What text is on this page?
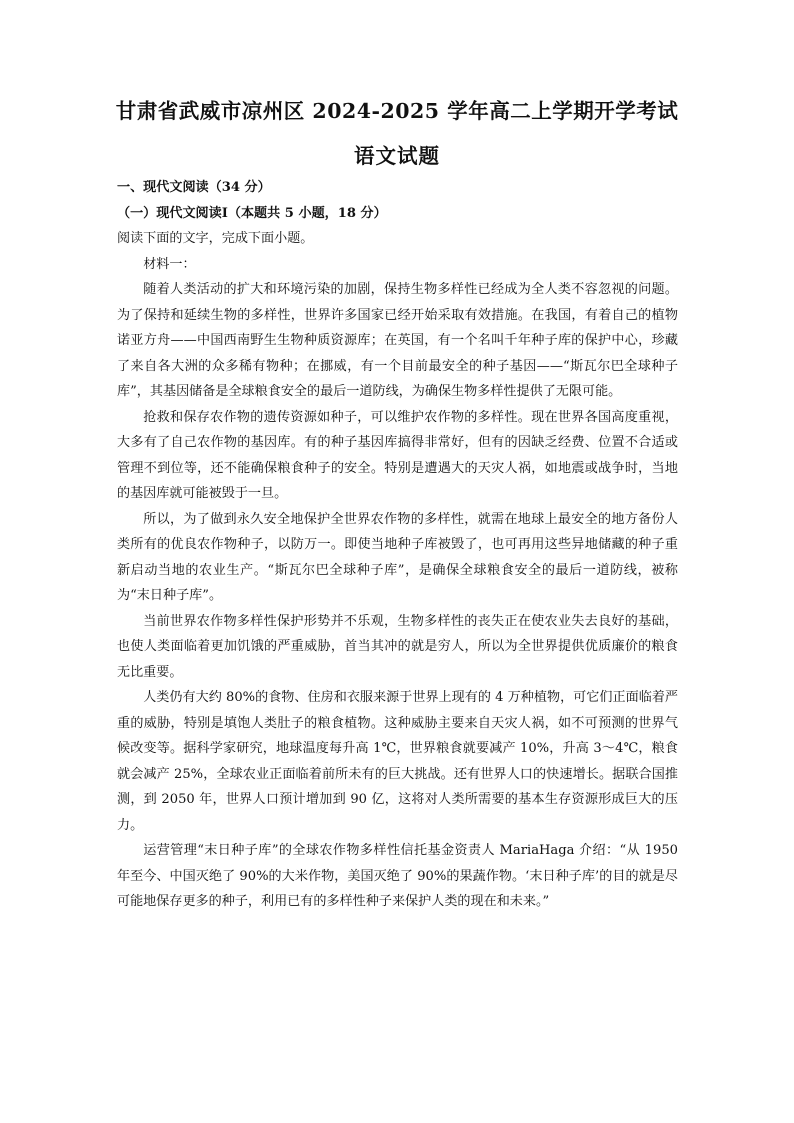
甘肃省武威市凉州区 2024-2025 学年高二上学期开学考试
语文试题

一、现代文阅读（34 分）

（一）现代文阅读Ⅰ（本题共 5 小题，18 分）

阅读下面的文字，完成下面小题。

材料一：

随着人类活动的扩大和环境污染的加剧，保持生物多样性已经成为全人类不容忽视的问题。为了保持和延续生物的多样性，世界许多国家已经开始采取有效措施。在我国，有着自己的植物诺亚方舟——中国西南野生生物种质资源库；在英国，有一个名叫千年种子库的保护中心，珍藏了来自各大洲的众多稀有物种；在挪威，有一个目前最安全的种子基因——“斯瓦尔巴全球种子库”，其基因储备是全球粮食安全的最后一道防线，为确保生物多样性提供了无限可能。

抢救和保存农作物的遗传资源如种子，可以维护农作物的多样性。现在世界各国高度重视，大多有了自己农作物的基因库。有的种子基因库搞得非常好，但有的因缺乏经费、位置不合适或管理不到位等，还不能确保粮食种子的安全。特别是遭遇大的天灾人祸，如地震或战争时，当地的基因库就可能被毁于一旦。

所以，为了做到永久安全地保护全世界农作物的多样性，就需在地球上最安全的地方备份人类所有的优良农作物种子，以防万一。即使当地种子库被毁了，也可再用这些异地储藏的种子重新启动当地的农业生产。“斯瓦尔巴全球种子库”，是确保全球粮食安全的最后一道防线，被称为“末日种子库”。

当前世界农作物多样性保护形势并不乐观，生物多样性的丧失正在使农业失去良好的基础，也使人类面临着更加饥饿的严重威胁，首当其冲的就是穷人，所以为全世界提供优质廉价的粮食无比重要。

人类仍有大约 80%的食物、住房和衣服来源于世界上现有的 4 万种植物，可它们正面临着严重的威胁，特别是填饱人类肚子的粮食植物。这种威胁主要来自天灾人祸，如不可预测的世界气候改变等。据科学家研究，地球温度每升高 1℃，世界粮食就要减产 10%，升高 3～4℃，粮食就会减产 25%，全球农业正面临着前所未有的巨大挑战。还有世界人口的快速增长。据联合国推测，到 2050 年，世界人口预计增加到 90 亿，这将对人类所需要的基本生存资源形成巨大的压力。

运营管理“末日种子库”的全球农作物多样性信托基金资责人 MariaHaga 介绍：“从 1950 年至今、中国灭绝了 90%的大米作物，美国灭绝了 90%的果蔬作物。‘末日种子库’的目的就是尽可能地保存更多的种子，利用已有的多样性种子来保护人类的现在和未来。”
